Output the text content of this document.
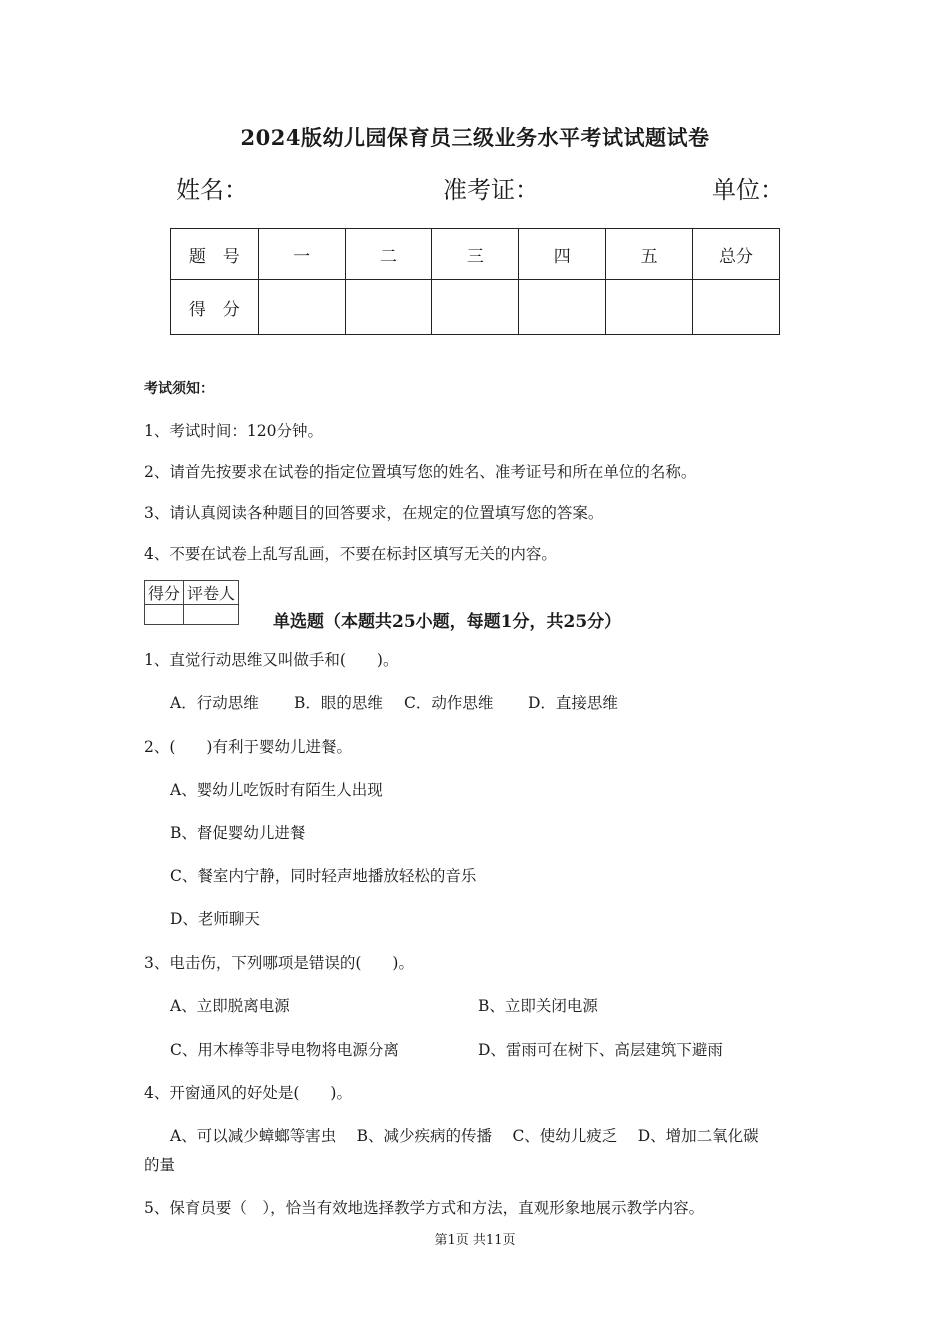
2024版幼儿园保育员三级业务水平考试试题试卷
姓名：	准考证：	单位：
题　号	一	二	三	四	五	总分
得　分						
考试须知：
1、考试时间：120分钟。
2、请首先按要求在试卷的指定位置填写您的姓名、准考证号和所在单位的名称。
3、请认真阅读各种题目的回答要求，在规定的位置填写您的答案。
4、不要在试卷上乱写乱画，不要在标封区填写无关的内容。
得分	评卷人

单选题（本题共25小题，每题1分，共25分）
1、直觉行动思维又叫做手和(　　)。
A．行动思维 B．眼的思维 C．动作思维 D．直接思维
2、(　　)有利于婴幼儿进餐。
A、婴幼儿吃饭时有陌生人出现
B、督促婴幼儿进餐
C、餐室内宁静，同时轻声地播放轻松的音乐
D、老师聊天
3、电击伤，下列哪项是错误的(　　)。
A、立即脱离电源	B、立即关闭电源
C、用木棒等非导电物将电源分离	D、雷雨可在树下、高层建筑下避雨
4、开窗通风的好处是(　　)。
A、可以减少蟑螂等害虫　 B、减少疾病的传播　 C、使幼儿疲乏　 D、增加二氧化碳
的量
5、保育员要（　），恰当有效地选择教学方式和方法，直观形象地展示教学内容。
第1页 共11页
